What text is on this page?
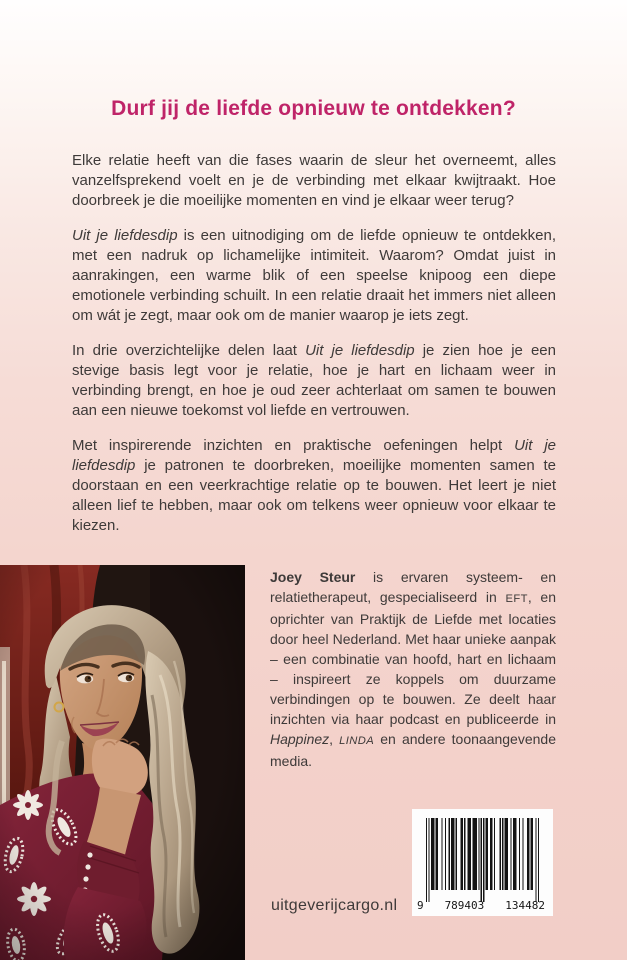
Durf jij de liefde opnieuw te ontdekken?

Elke relatie heeft van die fases waarin de sleur het overneemt, alles vanzelfsprekend voelt en je de verbinding met elkaar kwijtraakt. Hoe doorbreek je die moeilijke momenten en vind je elkaar weer terug?

Uit je liefdesdip is een uitnodiging om de liefde opnieuw te ontdekken, met een nadruk op lichamelijke intimiteit. Waarom? Omdat juist in aanrakingen, een warme blik of een speelse knipoog een diepe emotionele verbinding schuilt. In een relatie draait het immers niet alleen om wát je zegt, maar ook om de manier waarop je iets zegt.

In drie overzichtelijke delen laat Uit je liefdesdip je zien hoe je een stevige basis legt voor je relatie, hoe je hart en lichaam weer in verbinding brengt, en hoe je oud zeer achterlaat om samen te bouwen aan een nieuwe toekomst vol liefde en vertrouwen.

Met inspirerende inzichten en praktische oefeningen helpt Uit je liefdesdip je patronen te doorbreken, moeilijke momenten samen te doorstaan en een veerkrachtige relatie op te bouwen. Het leert je niet alleen lief te hebben, maar ook om telkens weer opnieuw voor elkaar te kiezen.

Joey Steur is ervaren systeem- en relatietherapeut, gespecialiseerd in EFT, en oprichter van Praktijk de Liefde met locaties door heel Nederland. Met haar unieke aanpak – een combinatie van hoofd, hart en lichaam – inspireert ze koppels om duurzame verbindingen op te bouwen. Ze deelt haar inzichten via haar podcast en publiceerde in Happinez, LINDA en andere toonaangevende media.
uitgeverijcargo.nl 9 789403 134482
